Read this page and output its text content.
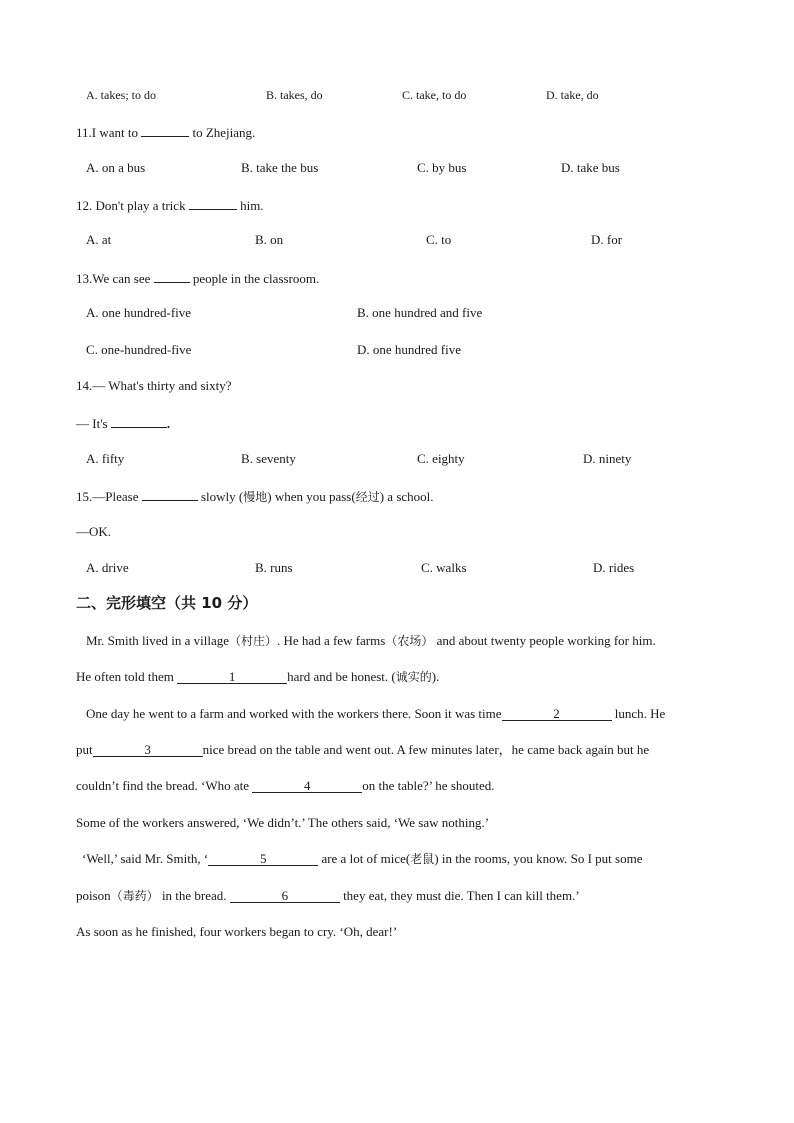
A. takes; to do	B. takes, do	C. take, to do	D. take, do
11.I want to	to Zhejiang.
A. on a bus	B. take the bus	C. by bus	D. take bus
12. Don't play a trick	him.
A. at	B. on	C. to	D. for
13.We can see	people in the classroom.
A. one hundred-five	B. one hundred and five
C. one-hundred-five	D. one hundred five
14.— What's thirty and sixty?
— It's	.
A. fifty	B. seventy	C. eighty	D. ninety
15.—Please	slowly (慢地) when you pass(经过) a school.
—OK.
A. drive	B. runs	C. walks	D. rides
二、完形填空（共 10 分）
Mr. Smith lived in a village（村庄）. He had a few farms（农场） and about twenty people working for him.
He often told them	1	hard and be honest. (诚实的).
One day he went to a farm and worked with the workers there. Soon it was time	2	lunch. He
put	3	nice bread on the table and went out. A few minutes later，he came back again but he
couldn’t find the bread. ‘Who ate	4	on the table?’ he shouted.
Some of the workers answered, ‘We didn’t.’ The others said, ‘We saw nothing.’
‘Well,’ said Mr. Smith, ‘	5	are a lot of mice(老鼠) in the rooms, you know. So I put some
poison（毒药） in the bread.	6	they eat, they must die. Then I can kill them.’
As soon as he finished, four workers began to cry. ‘Oh, dear!’
